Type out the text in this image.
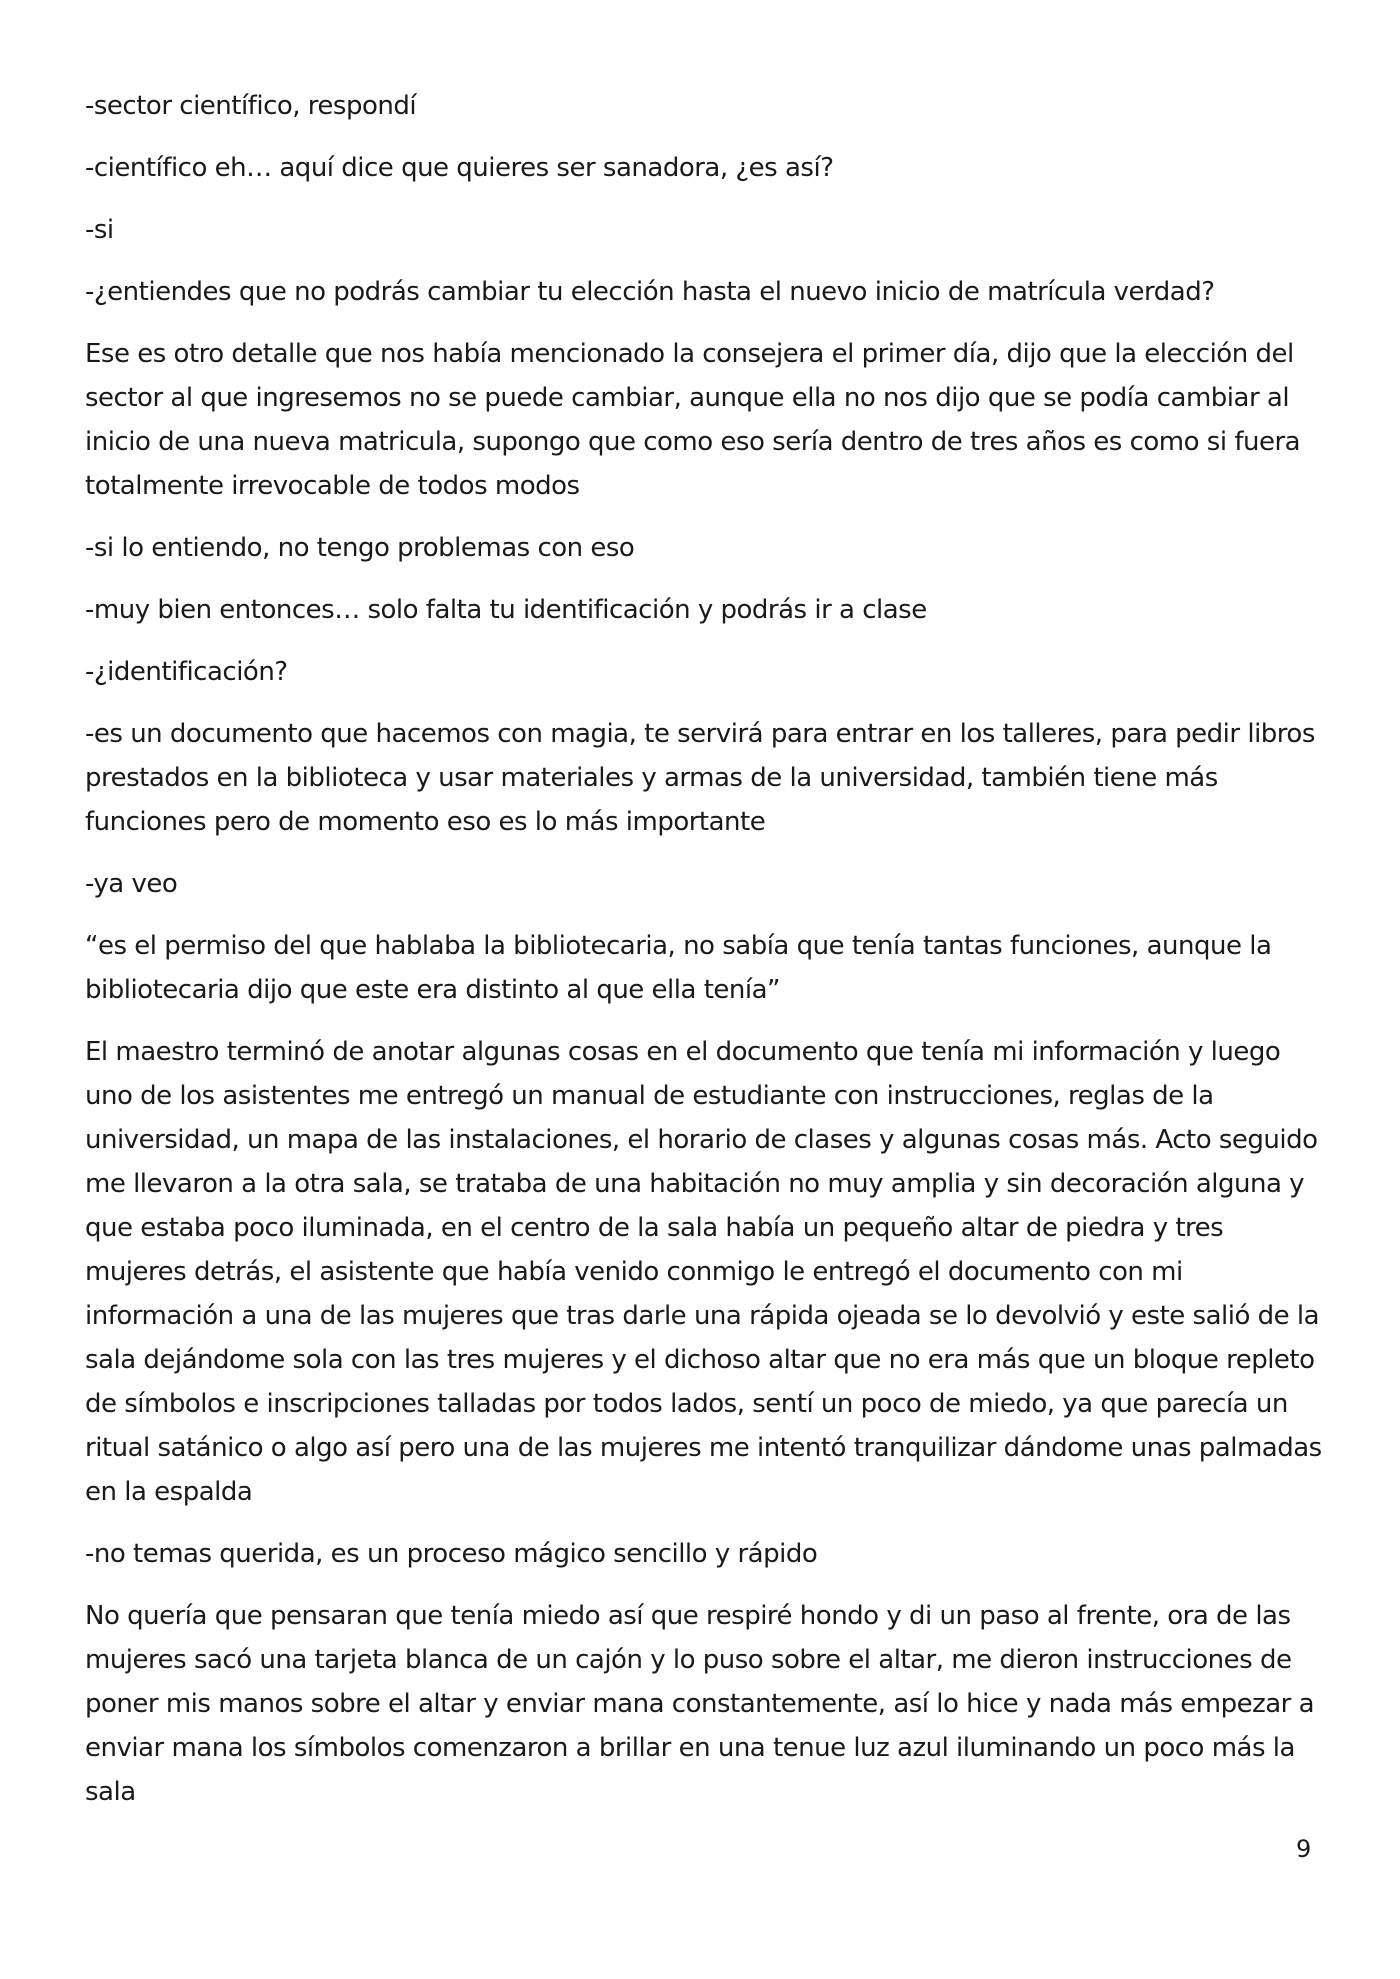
-sector científico, respondí

-científico eh… aquí dice que quieres ser sanadora, ¿es así?

-si

-¿entiendes que no podrás cambiar tu elección hasta el nuevo inicio de matrícula verdad?

Ese es otro detalle que nos había mencionado la consejera el primer día, dijo que la elección del sector al que ingresemos no se puede cambiar, aunque ella no nos dijo que se podía cambiar al inicio de una nueva matricula, supongo que como eso sería dentro de tres años es como si fuera totalmente irrevocable de todos modos

-si lo entiendo, no tengo problemas con eso

-muy bien entonces… solo falta tu identificación y podrás ir a clase

-¿identificación?

-es un documento que hacemos con magia, te servirá para entrar en los talleres, para pedir libros prestados en la biblioteca y usar materiales y armas de la universidad, también tiene más funciones pero de momento eso es lo más importante

-ya veo

“es el permiso del que hablaba la bibliotecaria, no sabía que tenía tantas funciones, aunque la bibliotecaria dijo que este era distinto al que ella tenía”

El maestro terminó de anotar algunas cosas en el documento que tenía mi información y luego uno de los asistentes me entregó un manual de estudiante con instrucciones, reglas de la universidad, un mapa de las instalaciones, el horario de clases y algunas cosas más. Acto seguido me llevaron a la otra sala, se trataba de una habitación no muy amplia y sin decoración alguna y que estaba poco iluminada, en el centro de la sala había un pequeño altar de piedra y tres mujeres detrás, el asistente que había venido conmigo le entregó el documento con mi información a una de las mujeres que tras darle una rápida ojeada se lo devolvió y este salió de la sala dejándome sola con las tres mujeres y el dichoso altar que no era más que un bloque repleto de símbolos e inscripciones talladas por todos lados, sentí un poco de miedo, ya que parecía un ritual satánico o algo así pero una de las mujeres me intentó tranquilizar dándome unas palmadas en la espalda

-no temas querida, es un proceso mágico sencillo y rápido

No quería que pensaran que tenía miedo así que respiré hondo y di un paso al frente, ora de las mujeres sacó una tarjeta blanca de un cajón y lo puso sobre el altar, me dieron instrucciones de poner mis manos sobre el altar y enviar mana constantemente, así lo hice y nada más empezar a enviar mana los símbolos comenzaron a brillar en una tenue luz azul iluminando un poco más la sala

9
